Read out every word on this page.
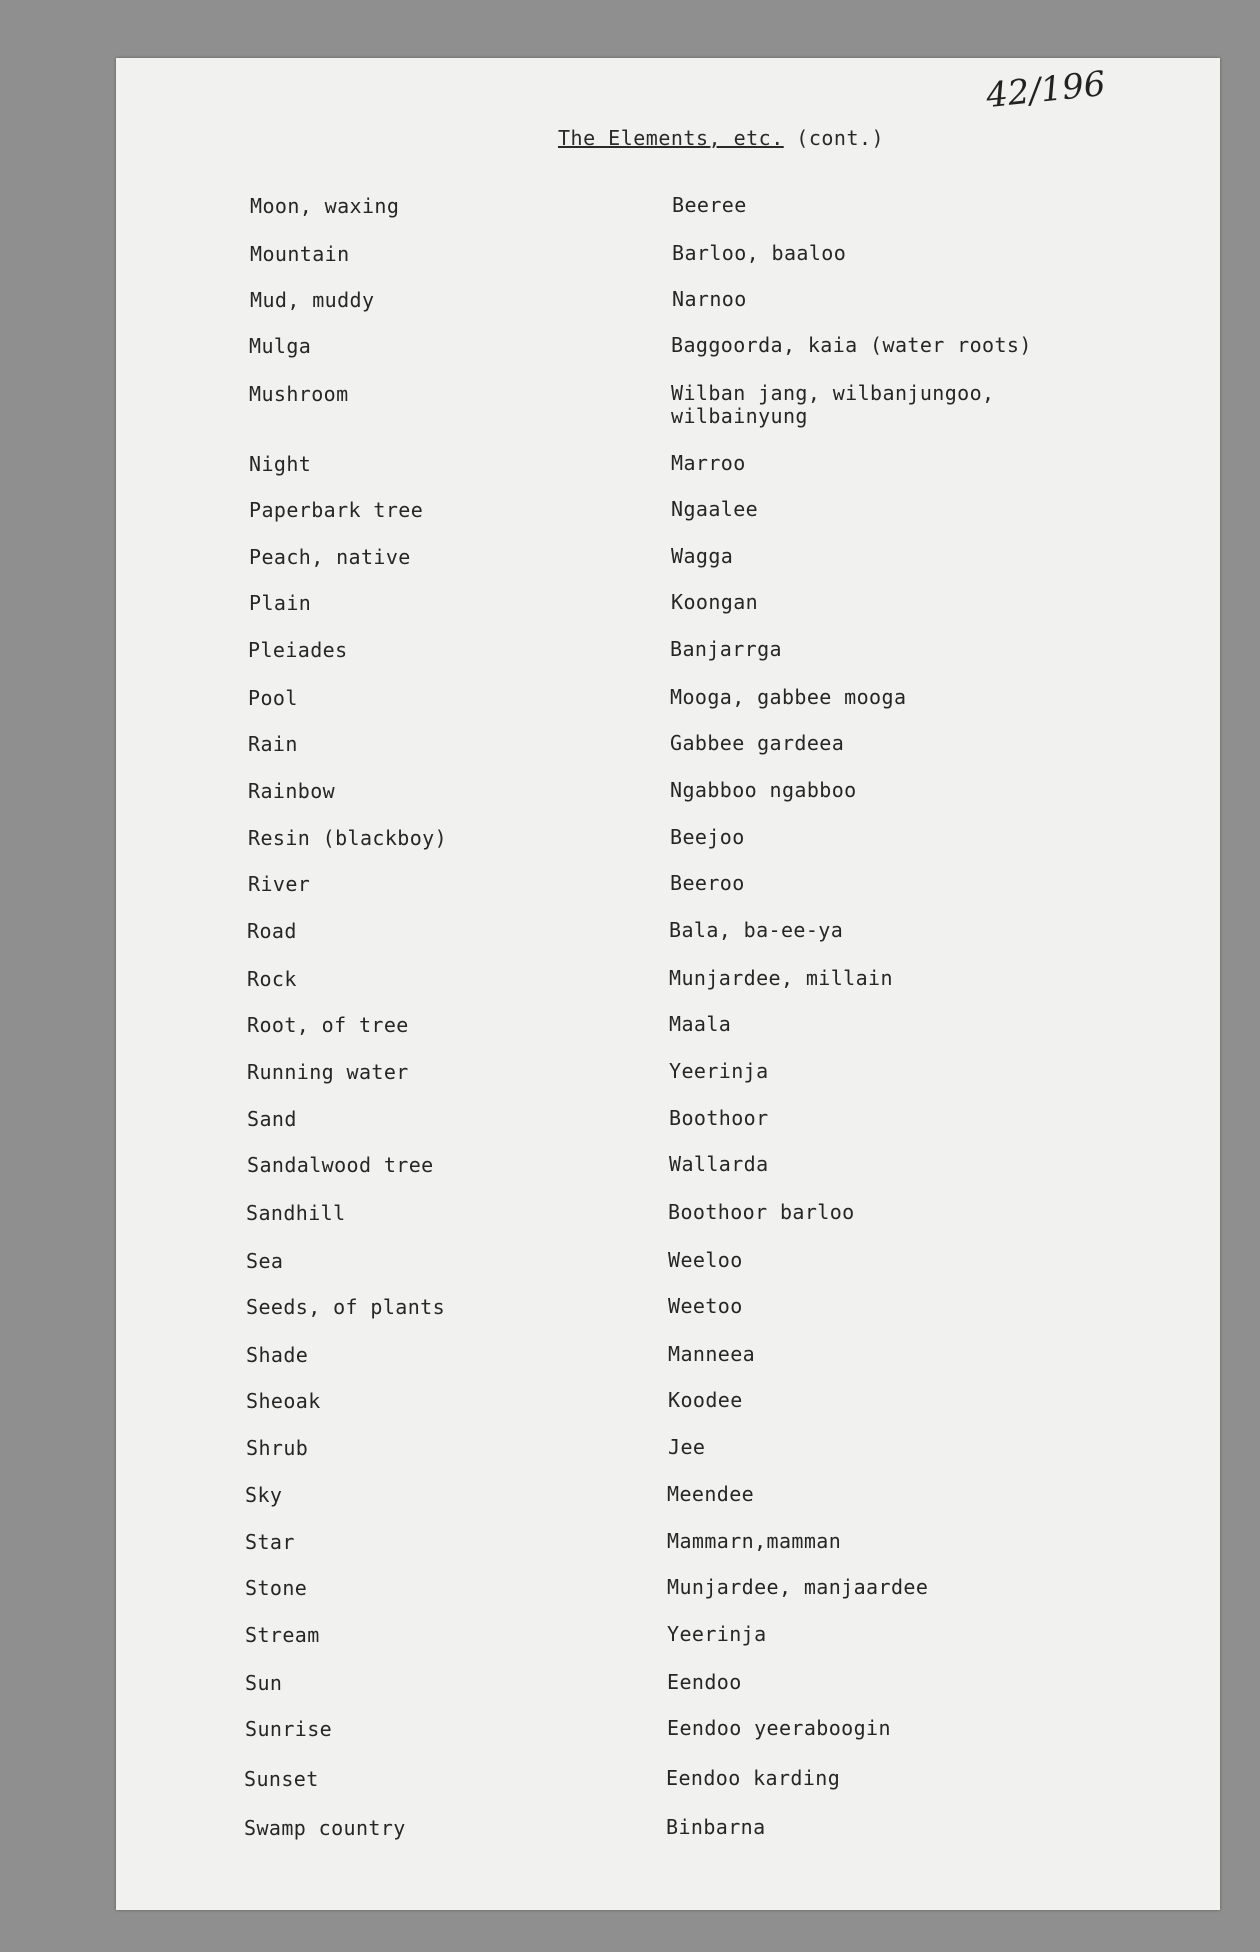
42/196
The Elements, etc. (cont.)
Moon, waxing	Beeree
Mountain	Barloo, baaloo
Mud, muddy	Narnoo
Mulga	Baggoorda, kaia (water roots)
Mushroom	Wilban jang, wilbanjungoo,
wilbainyung
Night	Marroo
Paperbark tree	Ngaalee
Peach, native	Wagga
Plain	Koongan
Pleiades	Banjarrga
Pool	Mooga, gabbee mooga
Rain	Gabbee gardeea
Rainbow	Ngabboo ngabboo
Resin (blackboy)	Beejoo
River	Beeroo
Road	Bala, ba-ee-ya
Rock	Munjardee, millain
Root, of tree	Maala
Running water	Yeerinja
Sand	Boothoor
Sandalwood tree	Wallarda
Sandhill	Boothoor barloo
Sea	Weeloo
Seeds, of plants	Weetoo
Shade	Manneea
Sheoak	Koodee
Shrub	Jee
Sky	Meendee
Star	Mammarn,mamman
Stone	Munjardee, manjaardee
Stream	Yeerinja
Sun	Eendoo
Sunrise	Eendoo yeeraboogin
Sunset	Eendoo karding
Swamp country	Binbarna
